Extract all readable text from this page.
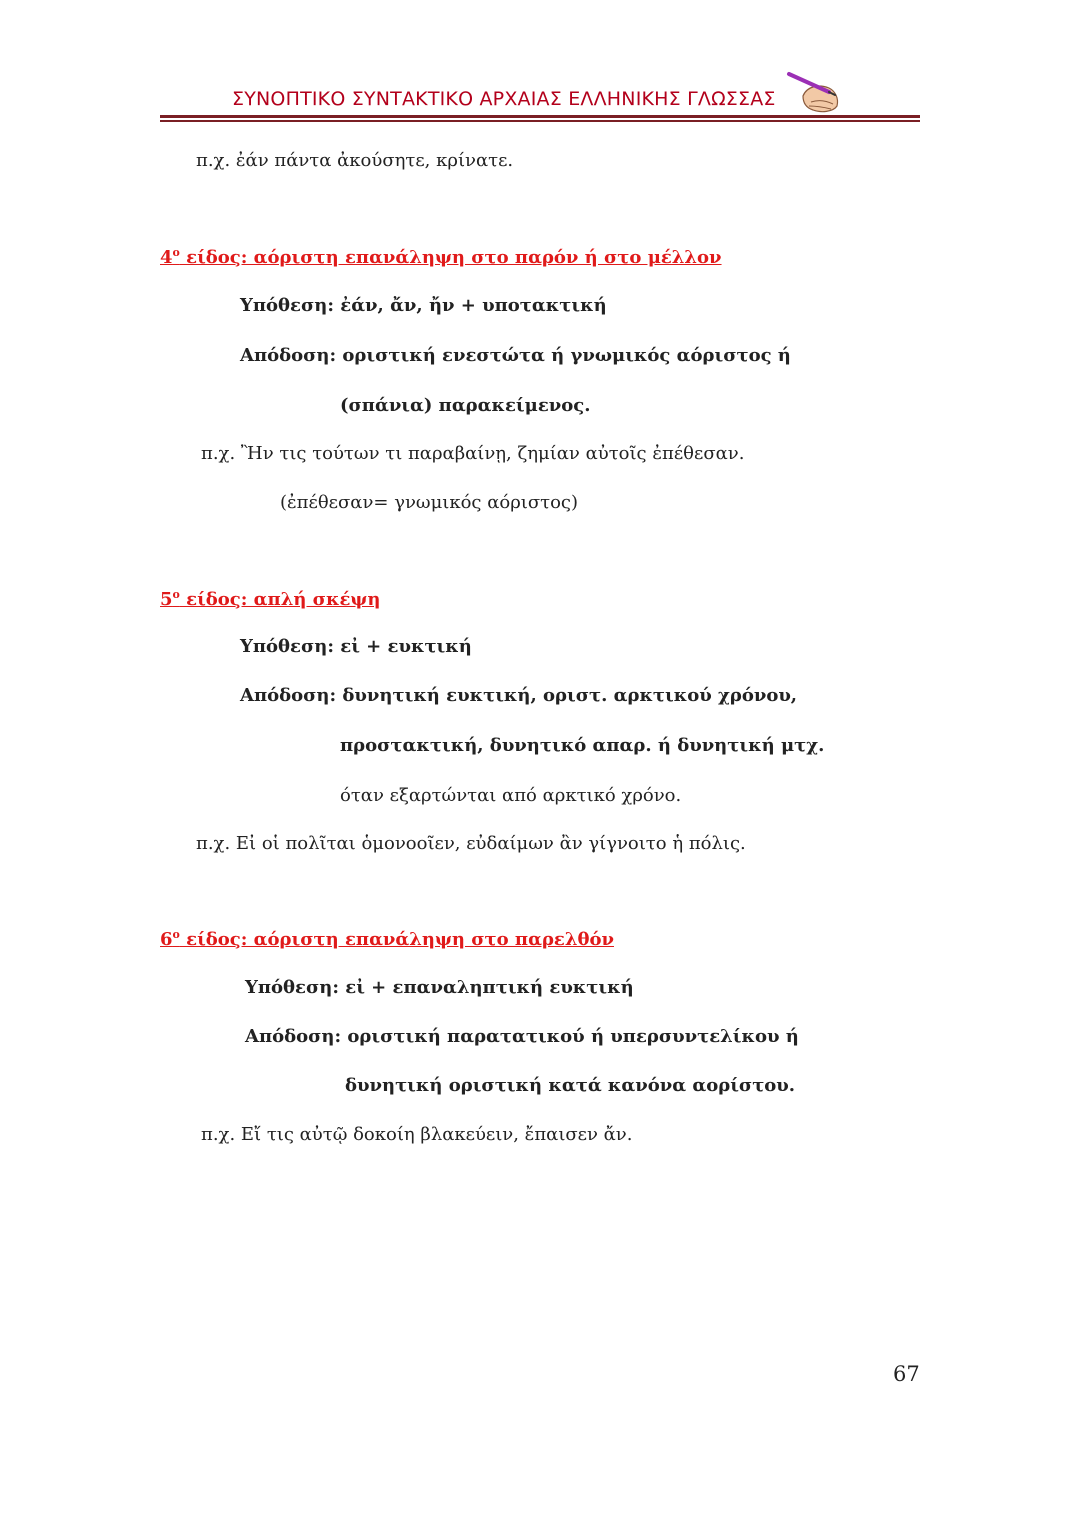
ΣΥΝΟΠΤΙΚΟ ΣΥΝΤΑΚΤΙΚΟ ΑΡΧΑΙΑΣ ΕΛΛΗΝΙΚΗΣ ΓΛΩΣΣΑΣ
π.χ. ἐάν πάντα ἀκούσητε, κρίνατε.
$4^o$ είδος: αόριστη επανάληψη στο παρόν ή στο μέλλον
Υπόθεση: ἐάν, ἄν, ἤν + υποτακτική
Απόδοση: οριστική ενεστώτα ή γνωμικός αόριστος ή
(σπάνια) παρακείμενος.
π.χ. Ἢν τις τούτων τι παραβαίνῃ, ζημίαν αὐτοῖς ἐπέθεσαν.
(ἐπέθεσαν= γνωμικός αόριστος)
$5^o$ είδος: απλή σκέψη
Υπόθεση: εἰ + ευκτική
Απόδοση: δυνητική ευκτική, οριστ. αρκτικού χρόνου,
προστακτική, δυνητικό απαρ. ή δυνητική μτχ.
όταν εξαρτώνται από αρκτικό χρόνο.
π.χ. Εἰ οἱ πολῖται ὁμονοοῖεν, εὐδαίμων ἂν γίγνοιτο ἡ πόλις.
$6^o$ είδος: αόριστη επανάληψη στο παρελθόν
Υπόθεση: εἰ + επαναληπτική ευκτική
Απόδοση: οριστική παρατατικού ή υπερσυντελίκου ή
δυνητική οριστική κατά κανόνα αορίστου.
π.χ. Εἴ τις αὐτῷ δοκοίη βλακεύειν, ἔπαισεν ἄν.
67
